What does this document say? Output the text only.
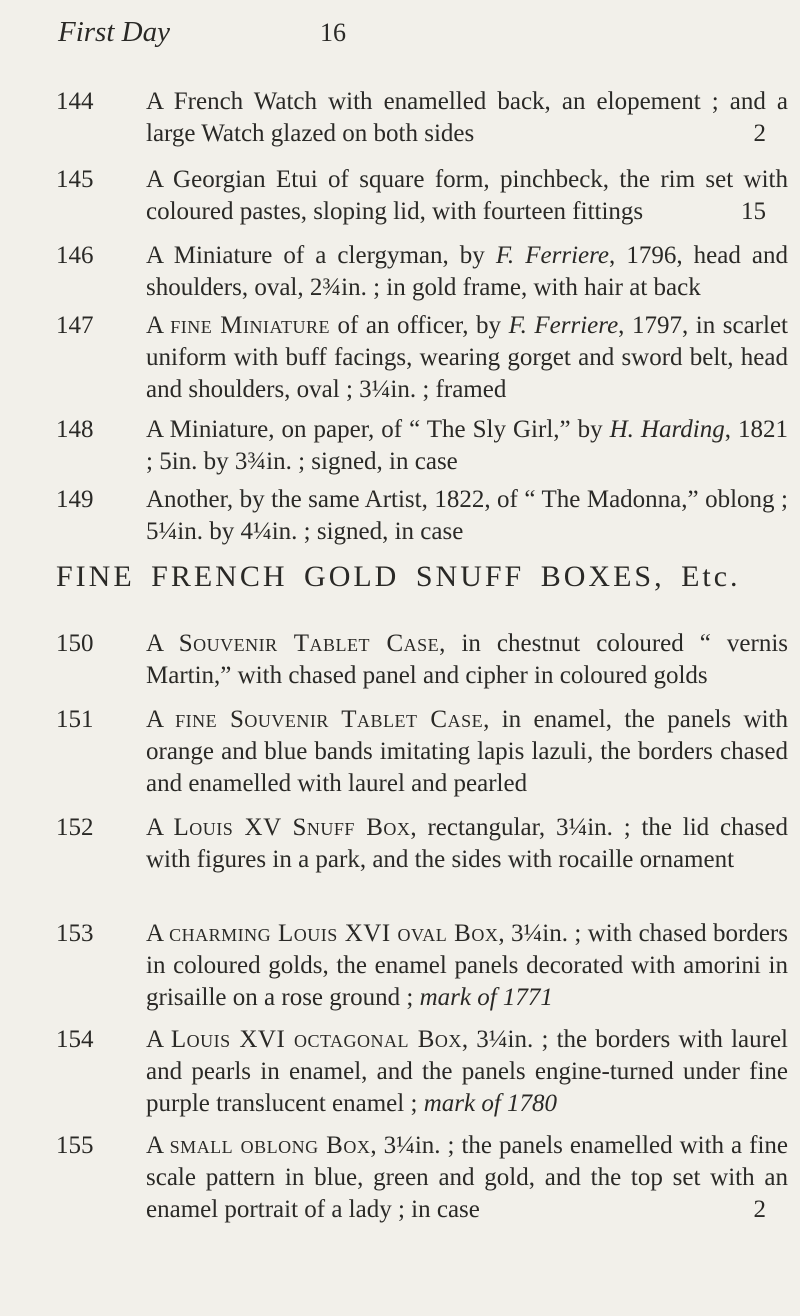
First Day	16
144	A French Watch with enamelled back, an elopement ; and a large Watch glazed on both sides	2
145	A Georgian Etui of square form, pinchbeck, the rim set with coloured pastes, sloping lid, with fourteen fittings	15
146	A Miniature of a clergyman, by F. Ferriere, 1796, head and shoulders, oval, 2¾in. ; in gold frame, with hair at back
147	A fine Miniature of an officer, by F. Ferriere, 1797, in scarlet uniform with buff facings, wearing gorget and sword belt, head and shoulders, oval ; 3¼in. ; framed
148	A Miniature, on paper, of “ The Sly Girl,” by H. Harding, 1821 ; 5in. by 3¾in. ; signed, in case
149	Another, by the same Artist, 1822, of “ The Madonna,” oblong ; 5¼in. by 4¼in. ; signed, in case
FINE FRENCH GOLD SNUFF BOXES, Etc.
150	A Souvenir Tablet Case, in chestnut coloured “ vernis Martin,” with chased panel and cipher in coloured golds
151	A fine Souvenir Tablet Case, in enamel, the panels with orange and blue bands imitating lapis lazuli, the borders chased and enamelled with laurel and pearled
152	A Louis XV Snuff Box, rectangular, 3¼in. ; the lid chased with figures in a park, and the sides with rocaille ornament
153	A charming Louis XVI oval Box, 3¼in. ; with chased borders in coloured golds, the enamel panels decorated with amorini in grisaille on a rose ground ; mark of 1771
154	A Louis XVI octagonal Box, 3¼in. ; the borders with laurel and pearls in enamel, and the panels engine-turned under fine purple translucent enamel ; mark of 1780
155	A small oblong Box, 3¼in. ; the panels enamelled with a fine scale pattern in blue, green and gold, and the top set with an enamel portrait of a lady ; in case	2
